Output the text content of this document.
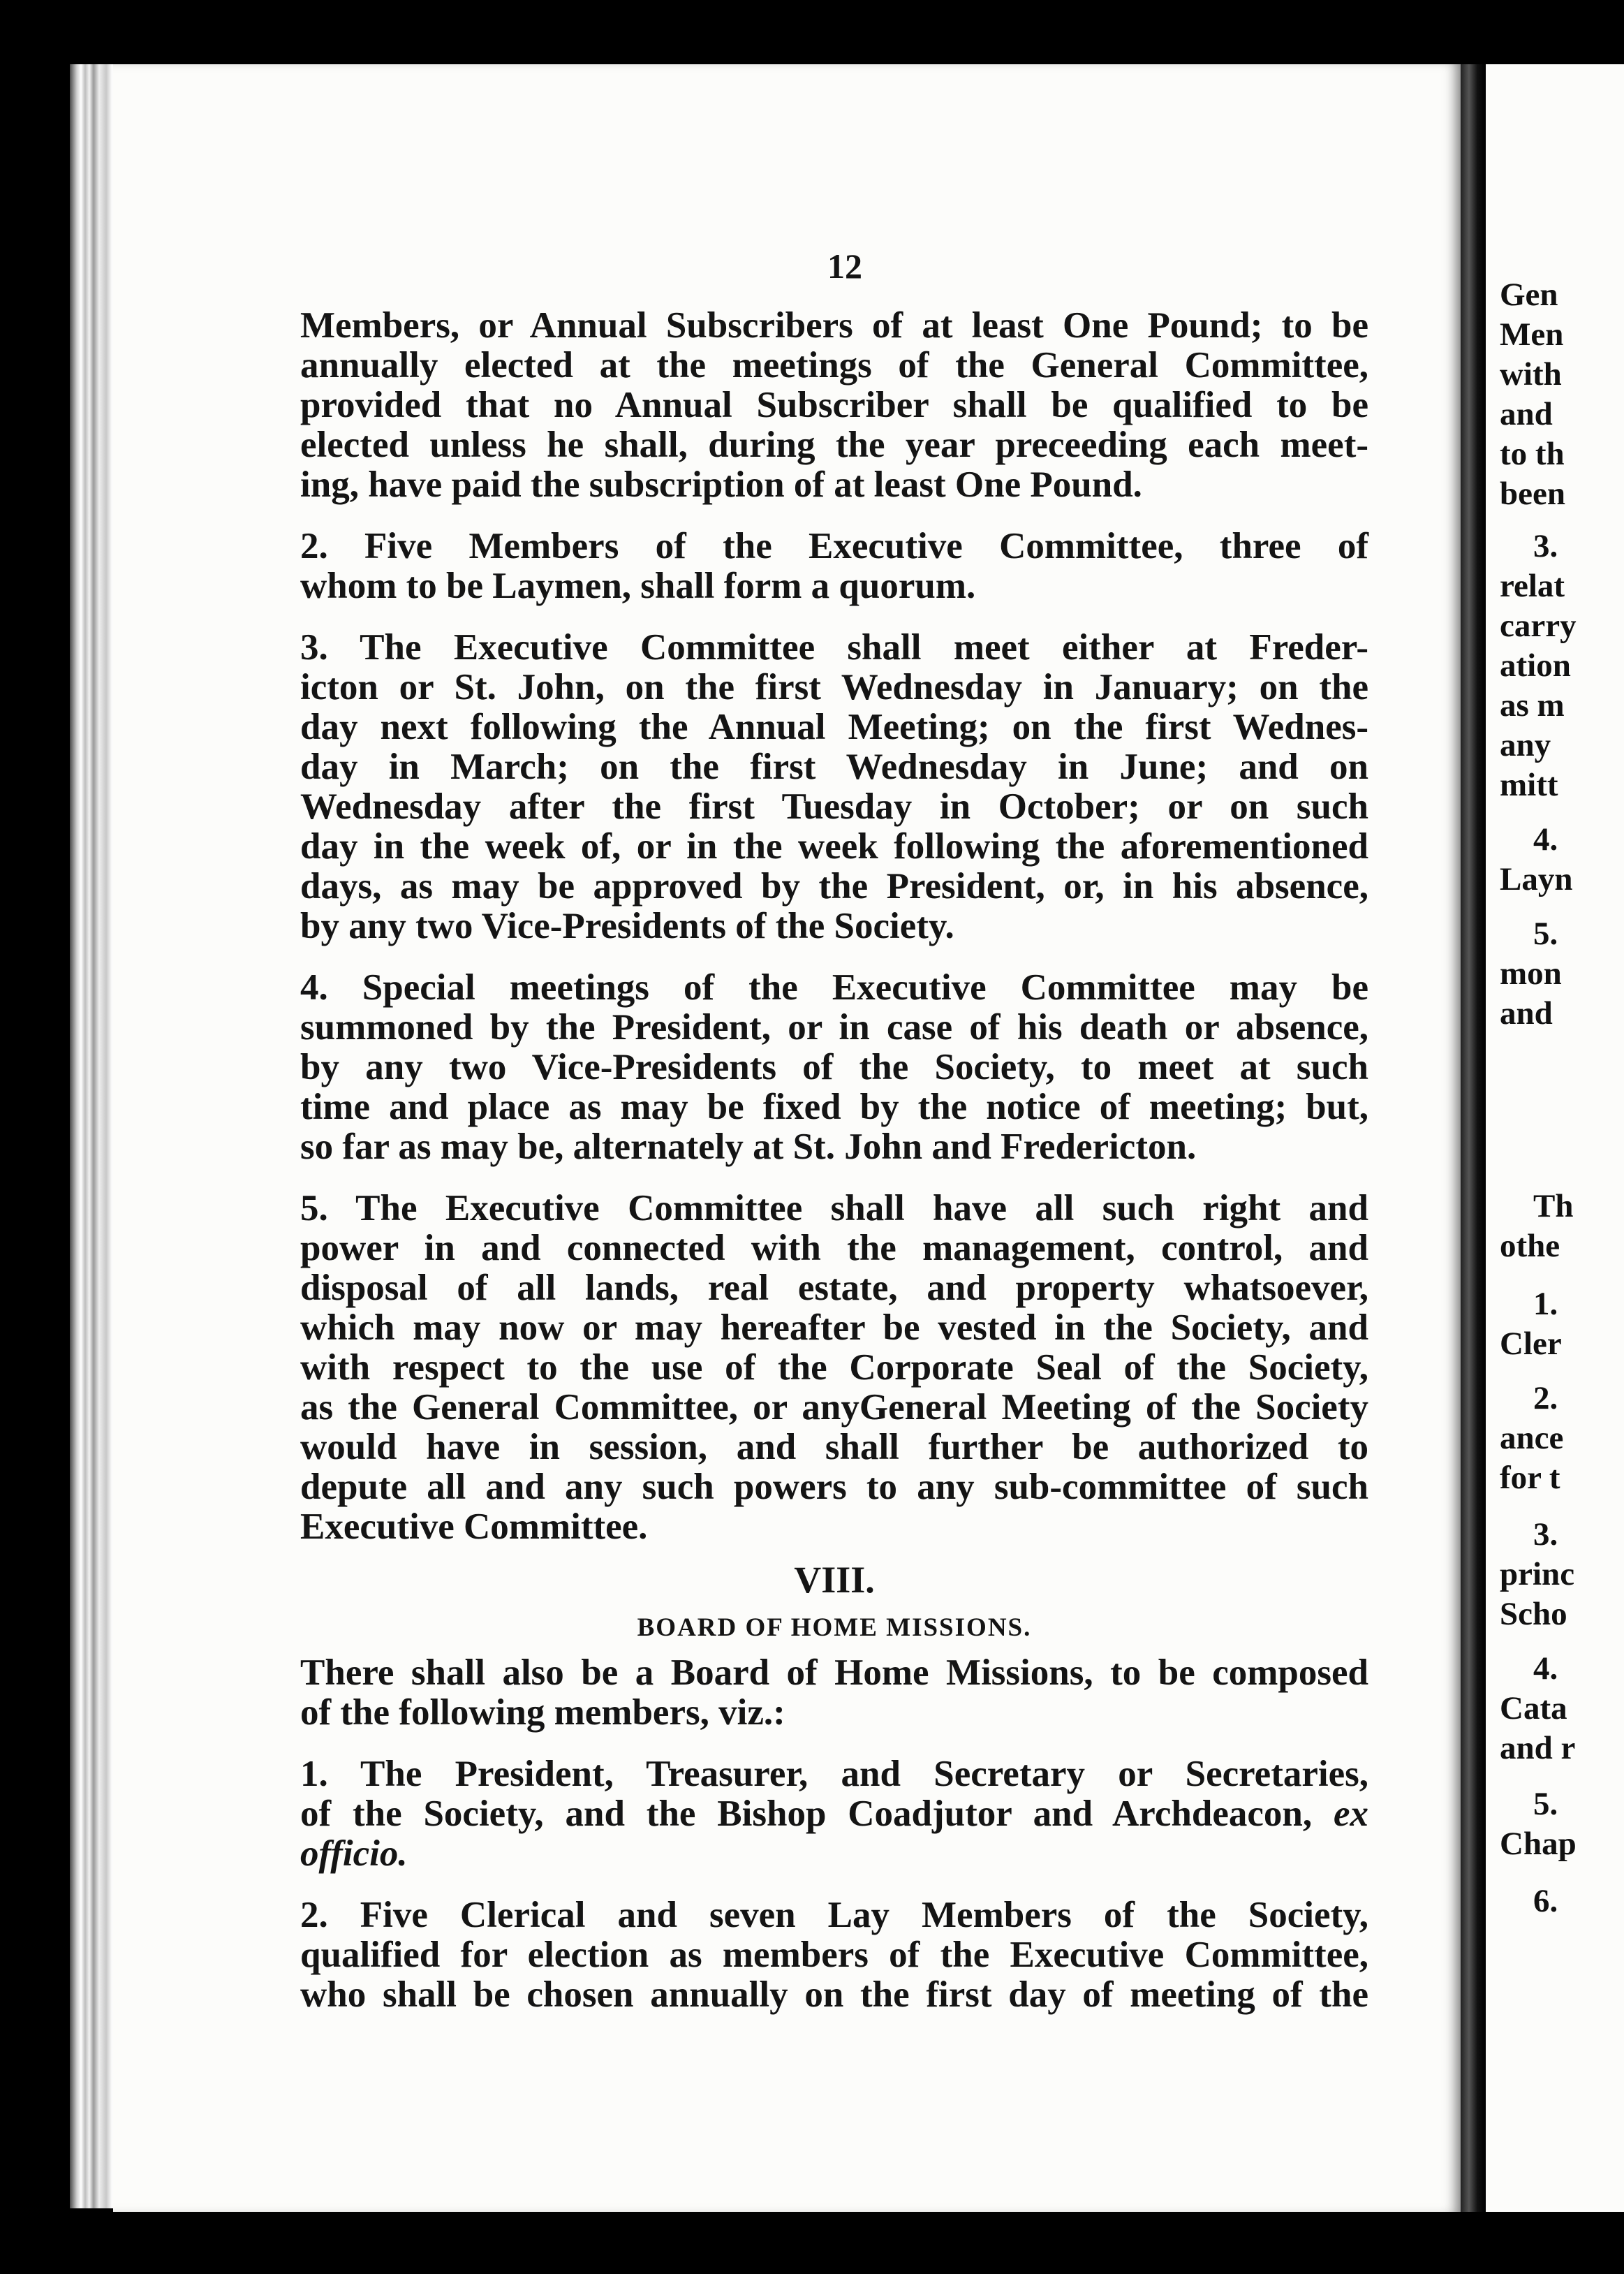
Gen
Men
with
and
to th
been
3.
relat
carry
ation
as m
any
mitt
4.
Layn
5.
mon
and
Th
othe
1.
Cler
2.
ance
for t
3.
princ
Scho
4.
Cata
and r
5.
Chap
6.
12
Members, or Annual Subscribers of at least One Pound; to be
annually elected at the meetings of the General Committee,
provided that no Annual Subscriber shall be qualified to be
elected unless he shall, during the year preceeding each meet-
ing, have paid the subscription of at least One Pound.
2. Five Members of the Executive Committee, three of
whom to be Laymen, shall form a quorum.
3. The Executive Committee shall meet either at Freder-
icton or St. John, on the first Wednesday in January; on the
day next following the Annual Meeting; on the first Wednes-
day in March; on the first Wednesday in June; and on
Wednesday after the first Tuesday in October; or on such
day in the week of, or in the week following the aforementioned
days, as may be approved by the President, or, in his absence,
by any two Vice-Presidents of the Society.
4. Special meetings of the Executive Committee may be
summoned by the President, or in case of his death or absence,
by any two Vice-Presidents of the Society, to meet at such
time and place as may be fixed by the notice of meeting; but,
so far as may be, alternately at St. John and Fredericton.
5. The Executive Committee shall have all such right and
power in and connected with the management, control, and
disposal of all lands, real estate, and property whatsoever,
which may now or may hereafter be vested in the Society, and
with respect to the use of the Corporate Seal of the Society,
as the General Committee, or anyGeneral Meeting of the Society
would have in session, and shall further be authorized to
depute all and any such powers to any sub-committee of such
Executive Committee.
VIII.
BOARD OF HOME MISSIONS.
There shall also be a Board of Home Missions, to be composed
of the following members, viz.:
1. The President, Treasurer, and Secretary or Secretaries,
of the Society, and the Bishop Coadjutor and Archdeacon, ex
officio.
2. Five Clerical and seven Lay Members of the Society,
qualified for election as members of the Executive Committee,
who shall be chosen annually on the first day of meeting of the
